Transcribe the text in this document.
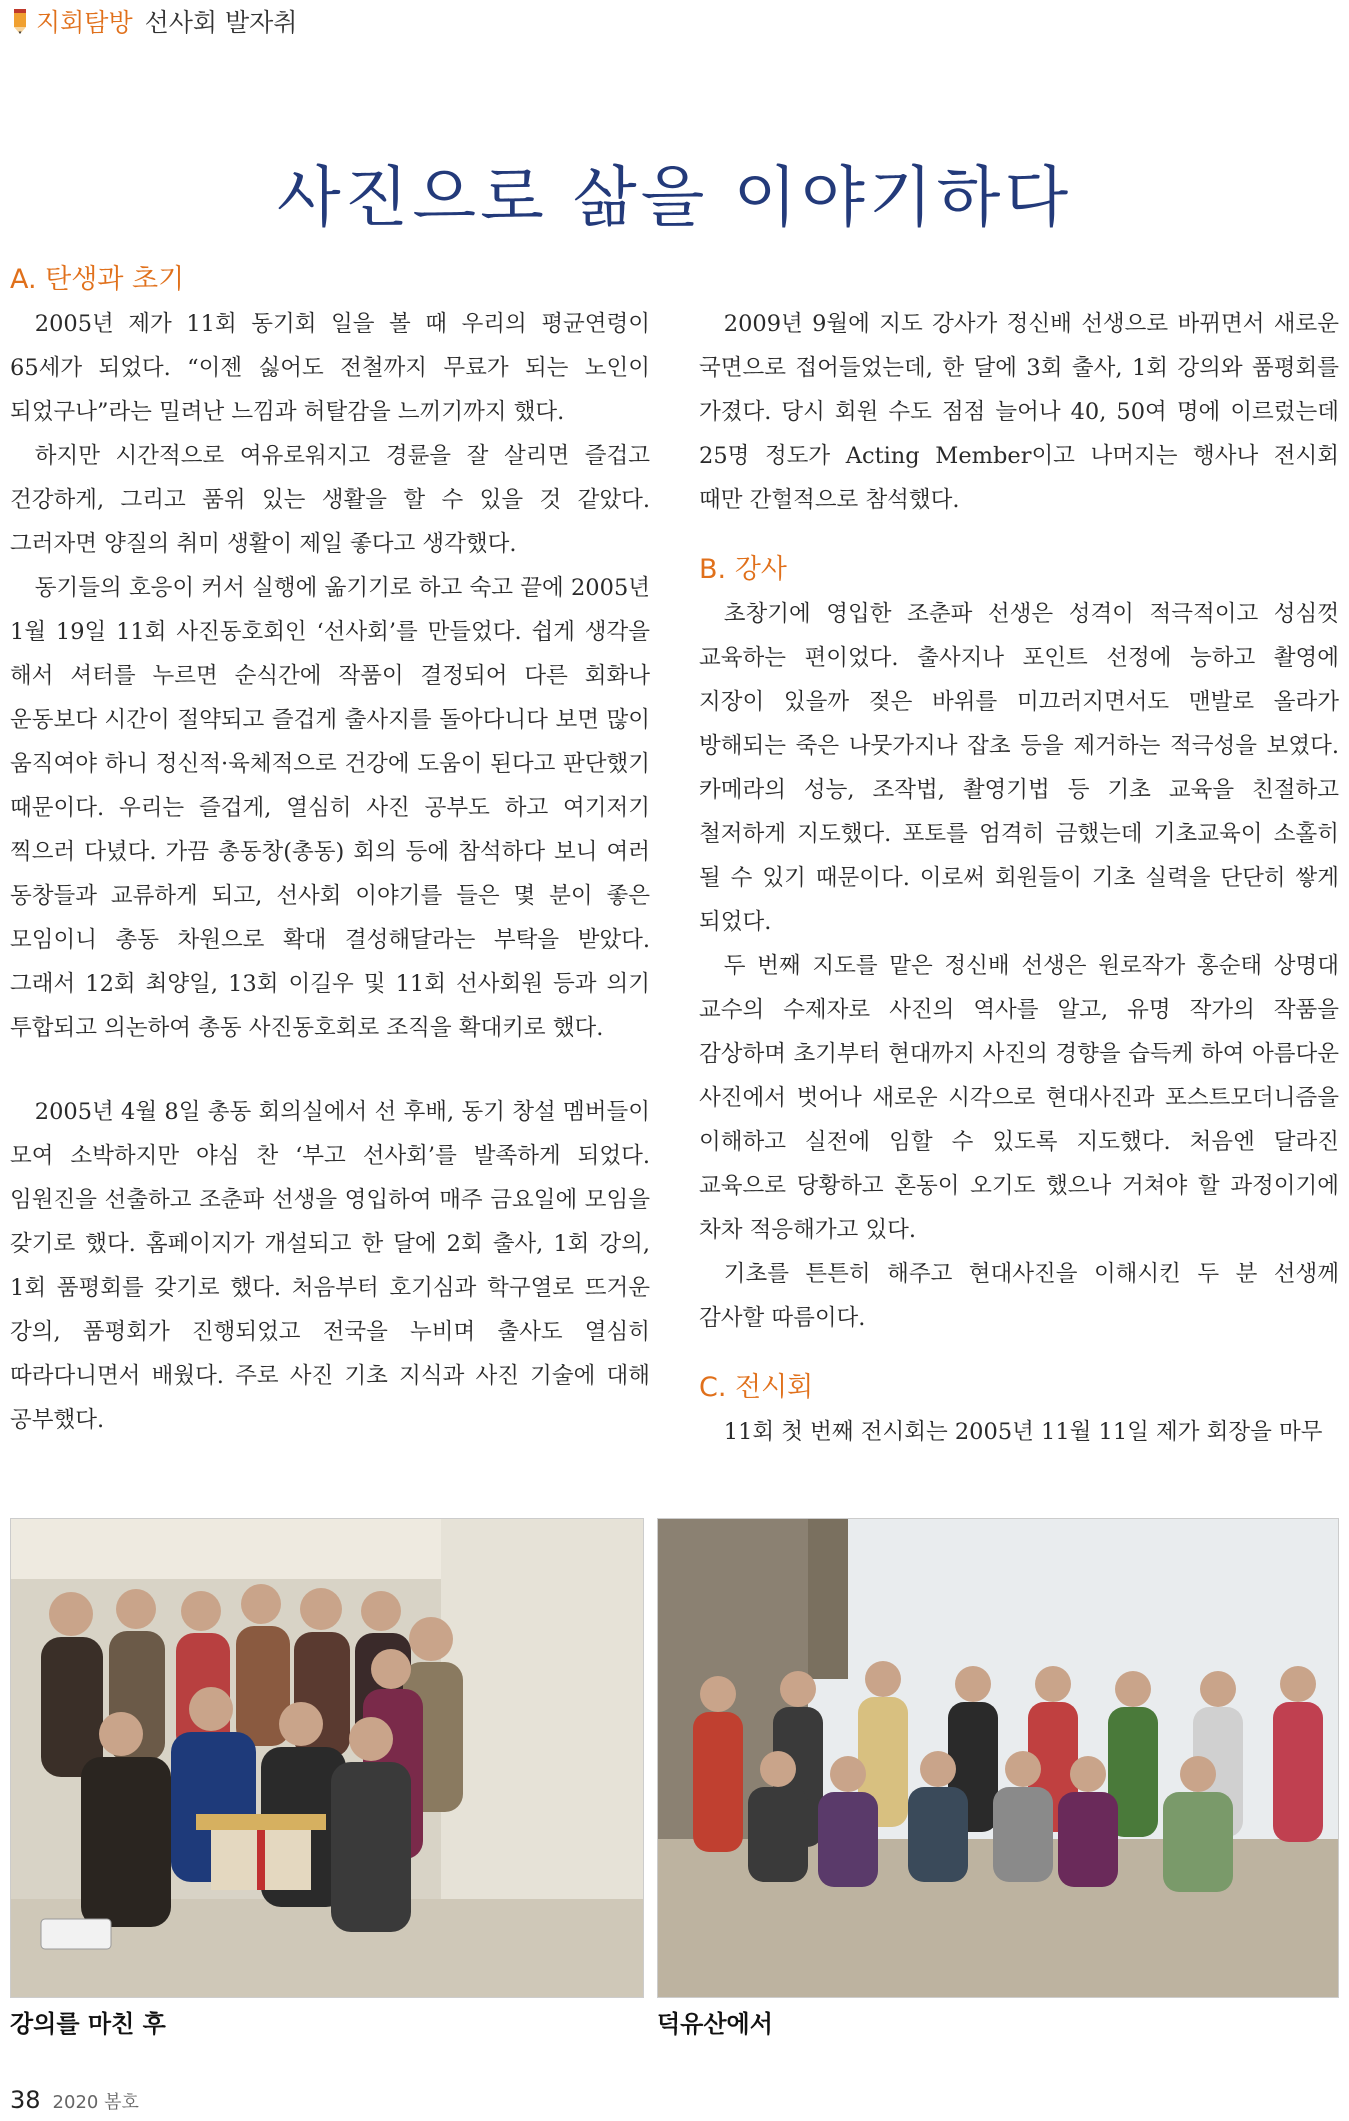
지회탐방 선사회 발자취
사진으로 삶을 이야기하다
A. 탄생과 초기

2005년 제가 11회 동기회 일을 볼 때 우리의 평균연령이 65세가 되었다. “이젠 싫어도 전철까지 무료가 되는 노인이 되었구나”라는 밀려난 느낌과 허탈감을 느끼기까지 했다.

하지만 시간적으로 여유로워지고 경륜을 잘 살리면 즐겁고 건강하게, 그리고 품위 있는 생활을 할 수 있을 것 같았다. 그러자면 양질의 취미 생활이 제일 좋다고 생각했다.

동기들의 호응이 커서 실행에 옮기기로 하고 숙고 끝에 2005년 1월 19일 11회 사진동호회인 ‘선사회’를 만들었다. 쉽게 생각을 해서 셔터를 누르면 순식간에 작품이 결정되어 다른 회화나 운동보다 시간이 절약되고 즐겁게 출사지를 돌아다니다 보면 많이 움직여야 하니 정신적·육체적으로 건강에 도움이 된다고 판단했기 때문이다. 우리는 즐겁게, 열심히 사진 공부도 하고 여기저기 찍으러 다녔다. 가끔 총동창(총동) 회의 등에 참석하다 보니 여러 동창들과 교류하게 되고, 선사회 이야기를 들은 몇 분이 좋은 모임이니 총동 차원으로 확대 결성해달라는 부탁을 받았다. 그래서 12회 최양일, 13회 이길우 및 11회 선사회원 등과 의기 투합되고 의논하여 총동 사진동호회로 조직을 확대키로 했다.

2005년 4월 8일 총동 회의실에서 선 후배, 동기 창설 멤버들이 모여 소박하지만 야심 찬 ‘부고 선사회’를 발족하게 되었다. 임원진을 선출하고 조춘파 선생을 영입하여 매주 금요일에 모임을 갖기로 했다. 홈페이지가 개설되고 한 달에 2회 출사, 1회 강의, 1회 품평회를 갖기로 했다. 처음부터 호기심과 학구열로 뜨거운 강의, 품평회가 진행되었고 전국을 누비며 출사도 열심히 따라다니면서 배웠다. 주로 사진 기초 지식과 사진 기술에 대해 공부했다.

2009년 9월에 지도 강사가 정신배 선생으로 바뀌면서 새로운 국면으로 접어들었는데, 한 달에 3회 출사, 1회 강의와 품평회를 가졌다. 당시 회원 수도 점점 늘어나 40, 50여 명에 이르렀는데 25명 정도가 Acting Member이고 나머지는 행사나 전시회 때만 간헐적으로 참석했다.

B. 강사

초창기에 영입한 조춘파 선생은 성격이 적극적이고 성심껏 교육하는 편이었다. 출사지나 포인트 선정에 능하고 촬영에 지장이 있을까 젖은 바위를 미끄러지면서도 맨발로 올라가 방해되는 죽은 나뭇가지나 잡초 등을 제거하는 적극성을 보였다. 카메라의 성능, 조작법, 촬영기법 등 기초 교육을 친절하고 철저하게 지도했다. 포토를 엄격히 금했는데 기초교육이 소홀히 될 수 있기 때문이다. 이로써 회원들이 기초 실력을 단단히 쌓게 되었다.

두 번째 지도를 맡은 정신배 선생은 원로작가 홍순태 상명대 교수의 수제자로 사진의 역사를 알고, 유명 작가의 작품을 감상하며 초기부터 현대까지 사진의 경향을 습득케 하여 아름다운 사진에서 벗어나 새로운 시각으로 현대사진과 포스트모더니즘을 이해하고 실전에 임할 수 있도록 지도했다. 처음엔 달라진 교육으로 당황하고 혼동이 오기도 했으나 거쳐야 할 과정이기에 차차 적응해가고 있다.

기초를 튼튼히 해주고 현대사진을 이해시킨 두 분 선생께 감사할 따름이다.

C. 전시회

11회 첫 번째 전시회는 2005년 11월 11일 제가 회장을 마무

강의를 마친 후	덕유산에서
38 2020 봄호
